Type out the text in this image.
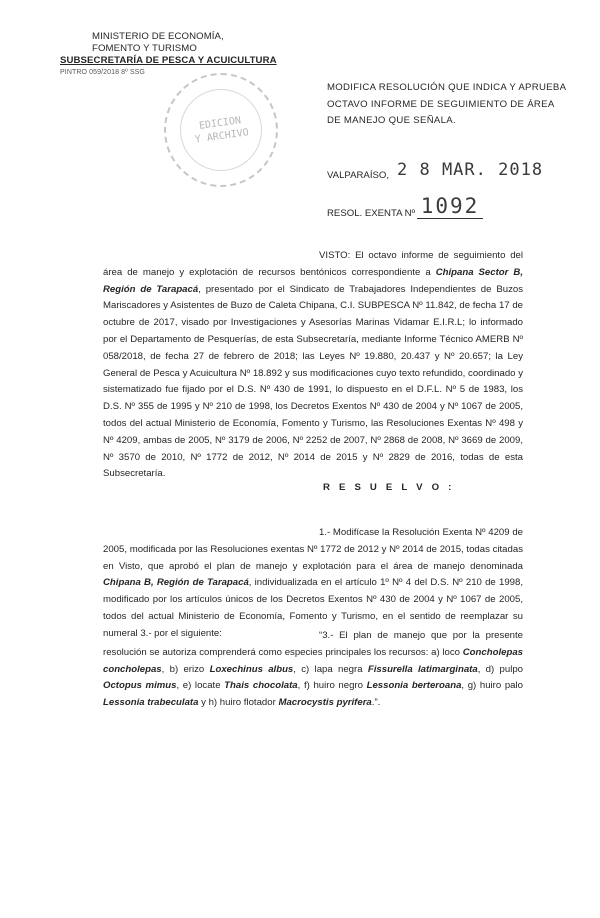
MINISTERIO DE ECONOMÍA,
FOMENTO Y TURISMO
SUBSECRETARÍA DE PESCA Y ACUICULTURA
PINTRO 059/2018 8º SSG
EDICION
Y ARCHIVO
MODIFICA RESOLUCIÓN QUE INDICA Y APRUEBA OCTAVO INFORME DE SEGUIMIENTO DE ÁREA DE MANEJO QUE SEÑALA.
VALPARAÍSO, 2 8 MAR. 2018
RESOL. EXENTA Nº 1092
VISTO: El octavo informe de seguimiento del área de manejo y explotación de recursos bentónicos correspondiente a Chipana Sector B, Región de Tarapacá, presentado por el Sindicato de Trabajadores Independientes de Buzos Mariscadores y Asistentes de Buzo de Caleta Chipana, C.I. SUBPESCA Nº 11.842, de fecha 17 de octubre de 2017, visado por Investigaciones y Asesorías Marinas Vidamar E.I.R.L; lo informado por el Departamento de Pesquerías, de esta Subsecretaría, mediante Informe Técnico AMERB Nº 058/2018, de fecha 27 de febrero de 2018; las Leyes Nº 19.880, 20.437 y Nº 20.657; la Ley General de Pesca y Acuicultura Nº 18.892 y sus modificaciones cuyo texto refundido, coordinado y sistematizado fue fijado por el D.S. Nº 430 de 1991, lo dispuesto en el D.F.L. Nº 5 de 1983, los D.S. Nº 355 de 1995 y Nº 210 de 1998, los Decretos Exentos Nº 430 de 2004 y Nº 1067 de 2005, todos del actual Ministerio de Economía, Fomento y Turismo, las Resoluciones Exentas Nº 498 y Nº 4209, ambas de 2005, Nº 3179 de 2006, Nº 2252 de 2007, Nº 2868 de 2008, Nº 3669 de 2009, Nº 3570 de 2010, Nº 1772 de 2012, Nº 2014 de 2015 y Nº 2829 de 2016, todas de esta Subsecretaría.
R E S U E L V O :
1.- Modifícase la Resolución Exenta Nº 4209 de 2005, modificada por las Resoluciones exentas Nº 1772 de 2012 y Nº 2014 de 2015, todas citadas en Visto, que aprobó el plan de manejo y explotación para el área de manejo denominada Chipana B, Región de Tarapacá, individualizada en el artículo 1º Nº 4 del D.S. Nº 210 de 1998, modificado por los artículos únicos de los Decretos Exentos Nº 430 de 2004 y Nº 1067 de 2005, todos del actual Ministerio de Economía, Fomento y Turismo, en el sentido de reemplazar su numeral 3.- por el siguiente:	“3.- El plan de manejo que por la presente resolución se autoriza comprenderá como especies principales los recursos: a) loco Concholepas concholepas, b) erizo Loxechinus albus, c) lapa negra Fissurella latimarginata, d) pulpo Octopus mimus, e) locate Thais chocolata, f) huiro negro Lessonia berteroana, g) huiro palo Lessonia trabeculata y h) huiro flotador Macrocystis pyrifera.”.
